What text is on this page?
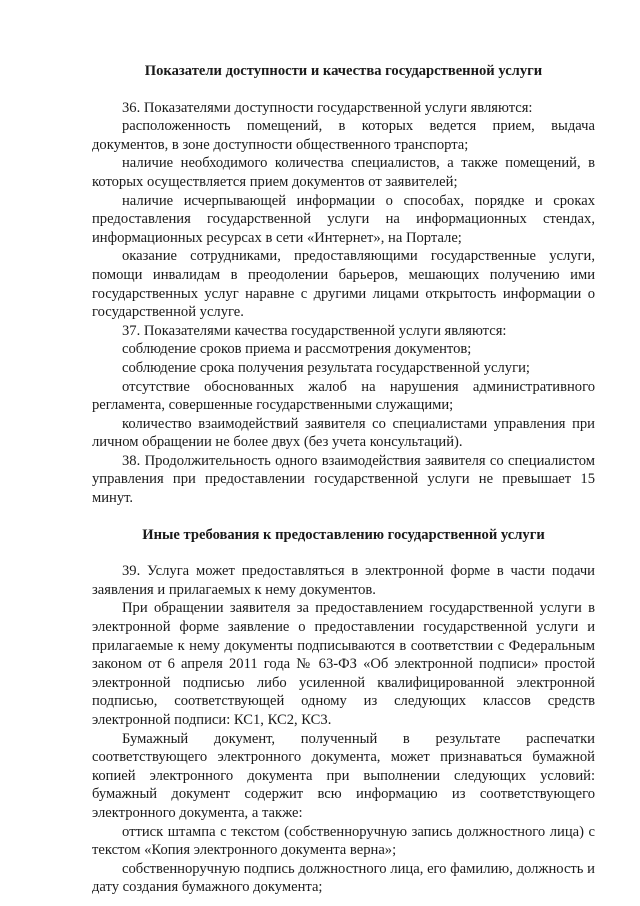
Показатели доступности и качества государственной услуги

36. Показателями доступности государственной услуги являются:

расположенность помещений, в которых ведется прием, выдача документов, в зоне доступности общественного транспорта;

наличие необходимого количества специалистов, а также помещений, в которых осуществляется прием документов от заявителей;

наличие исчерпывающей информации о способах, порядке и сроках предоставления государственной услуги на информационных стендах, информационных ресурсах в сети «Интернет», на Портале;

оказание сотрудниками, предоставляющими государственные услуги, помощи инвалидам в преодолении барьеров, мешающих получению ими государственных услуг наравне с другими лицами открытость информации о государственной услуге.

37. Показателями качества государственной услуги являются:

соблюдение сроков приема и рассмотрения документов;

соблюдение срока получения результата государственной услуги;

отсутствие обоснованных жалоб на нарушения административного регламента, совершенные государственными служащими;

количество взаимодействий заявителя со специалистами управления при личном обращении не более двух (без учета консультаций).

38. Продолжительность одного взаимодействия заявителя со специалистом управления при предоставлении государственной услуги не превышает 15 минут.

Иные требования к предоставлению государственной услуги

39. Услуга может предоставляться в электронной форме в части подачи заявления и прилагаемых к нему документов.

При обращении заявителя за предоставлением государственной услуги в электронной форме заявление о предоставлении государственной услуги и прилагаемые к нему документы подписываются в соответствии с Федеральным законом от 6 апреля 2011 года № 63-ФЗ «Об электронной подписи» простой электронной подписью либо усиленной квалифицированной электронной подписью, соответствующей одному из следующих классов средств электронной подписи: КС1, КС2, КС3.

Бумажный документ, полученный в результате распечатки соответствующего электронного документа, может признаваться бумажной копией электронного документа при выполнении следующих условий: бумажный документ содержит всю информацию из соответствующего электронного документа, а также:

оттиск штампа с текстом (собственноручную запись должностного лица) с текстом «Копия электронного документа верна»;

собственноручную подпись должностного лица, его фамилию, должность и дату создания бумажного документа;
